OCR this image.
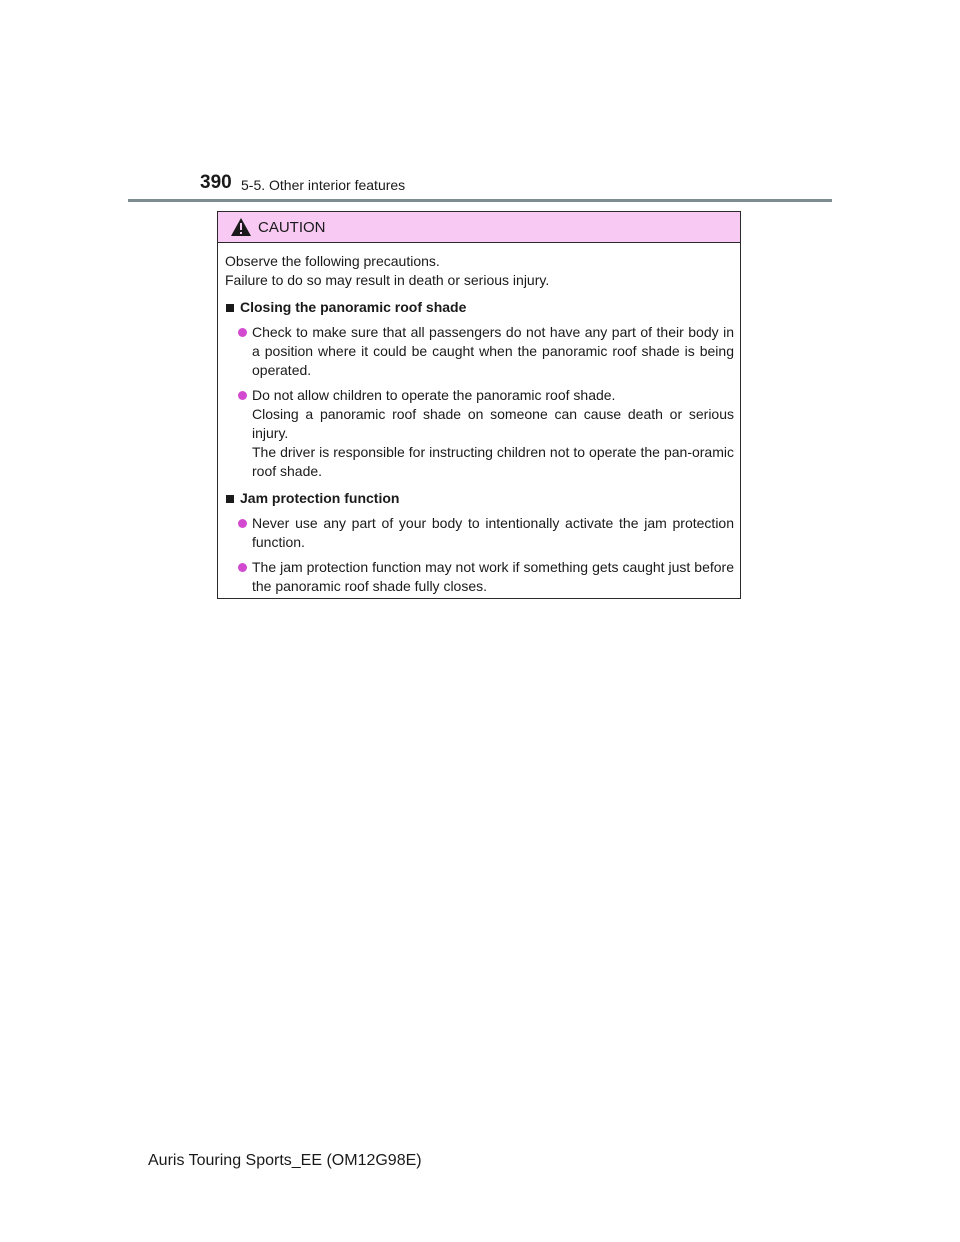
390 5-5. Other interior features
CAUTION

Observe the following precautions.

Failure to do so may result in death or serious injury.

Closing the panoramic roof shade

Check to make sure that all passengers do not have any part of their body in a position where it could be caught when the panoramic roof shade is being operated.

Do not allow children to operate the panoramic roof shade.

Closing a panoramic roof shade on someone can cause death or serious injury.

The driver is responsible for instructing children not to operate the pan-oramic roof shade.

Jam protection function

Never use any part of your body to intentionally activate the jam protection function.

The jam protection function may not work if something gets caught just before the panoramic roof shade fully closes.

Auris Touring Sports_EE (OM12G98E)
